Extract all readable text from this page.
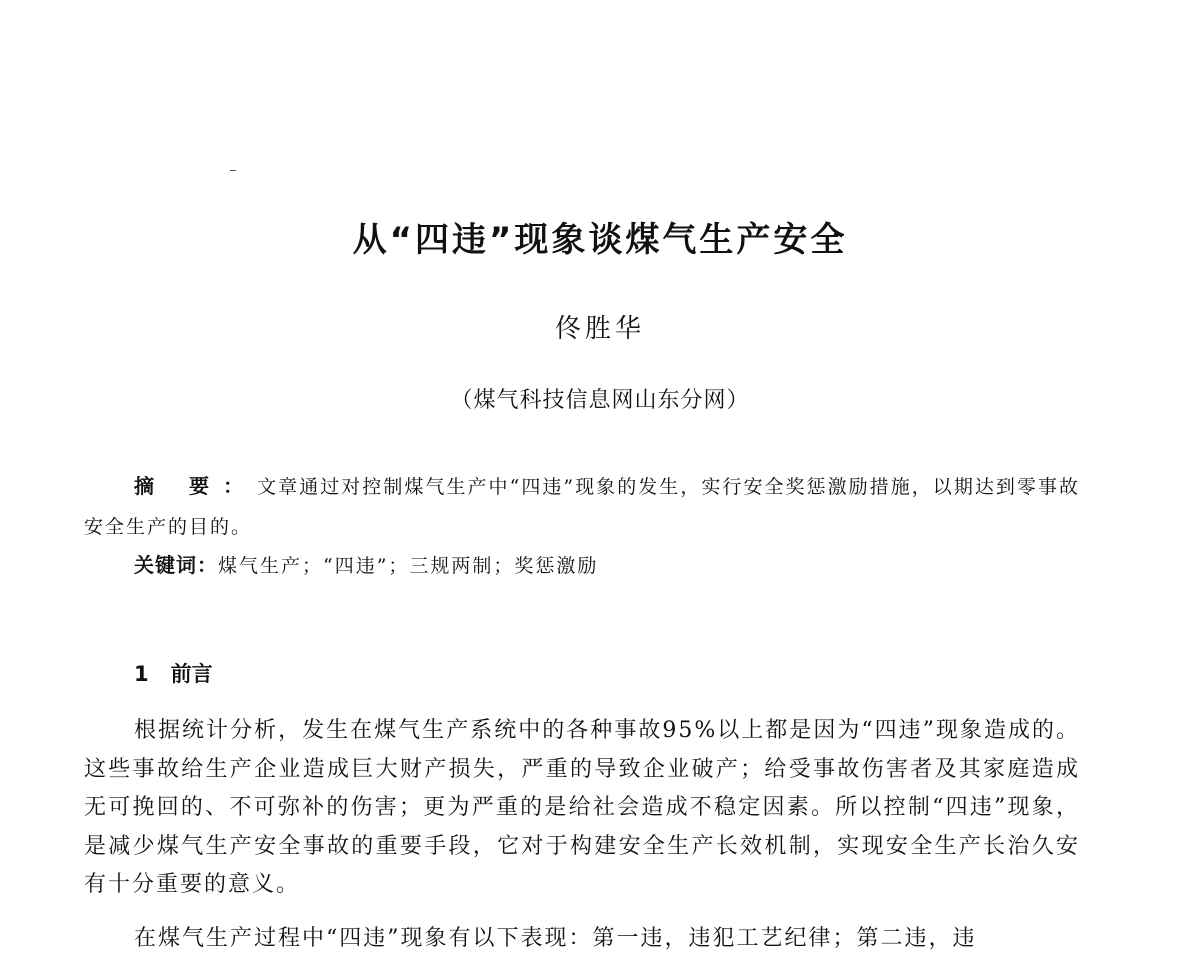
从“四违”现象谈煤气生产安全
佟胜华
（煤气科技信息网山东分网）

摘 要：文章通过对控制煤气生产中“四违”现象的发生，实行安全奖惩激励措施，以期达到零事故安全生产的目的。

关键词：煤气生产；“四违”；三规两制；奖惩激励

1 前言

根据统计分析，发生在煤气生产系统中的各种事故95%以上都是因为“四违”现象造成的。这些事故给生产企业造成巨大财产损失，严重的导致企业破产；给受事故伤害者及其家庭造成无可挽回的、不可弥补的伤害；更为严重的是给社会造成不稳定因素。所以控制“四违”现象，是减少煤气生产安全事故的重要手段，它对于构建安全生产长效机制，实现安全生产长治久安有十分重要的意义。

在煤气生产过程中“四违”现象有以下表现：第一违，违犯工艺纪律；第二违，违
